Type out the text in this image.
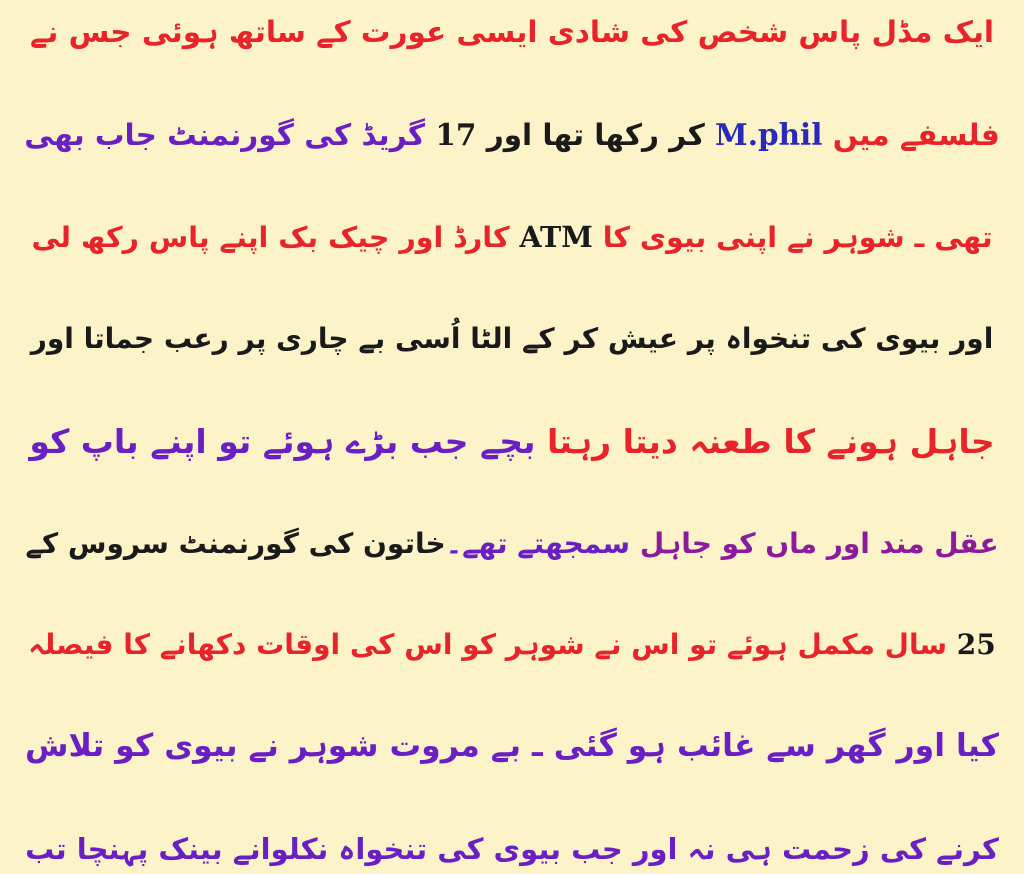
ایک مڈل پاس شخص کی شادی ایسی عورت کے ساتھ ہوئی جس نے
فلسفے میں M.phil کر رکھا تھا اور 17 گریڈ کی گورنمنٹ جاب بھی
تھی ـ شوہر نے اپنی بیوی کا ATM کارڈ اور چیک بک اپنے پاس رکھ لی
اور بیوی کی تنخواہ پر عیش کر کے الٹا اُسی بے چاری پر رعب جماتا اور
جاہل ہونے کا طعنہ دیتا رہتا بچے جب بڑے ہوئے تو اپنے باپ کو
عقل مند اور ماں کو جاہل سمجھتے تھے۔خاتون کی گورنمنٹ سروس کے
25 سال مکمل ہوئے تو اس نے شوہر کو اس کی اوقات دکھانے کا فیصلہ
کیا اور گھر سے غائب ہو گئی ـ بے مروت شوہر نے بیوی کو تلاش
کرنے کی زحمت ہی نہ اور جب بیوی کی تنخواہ نکلوانے بینک پہنچا تب
